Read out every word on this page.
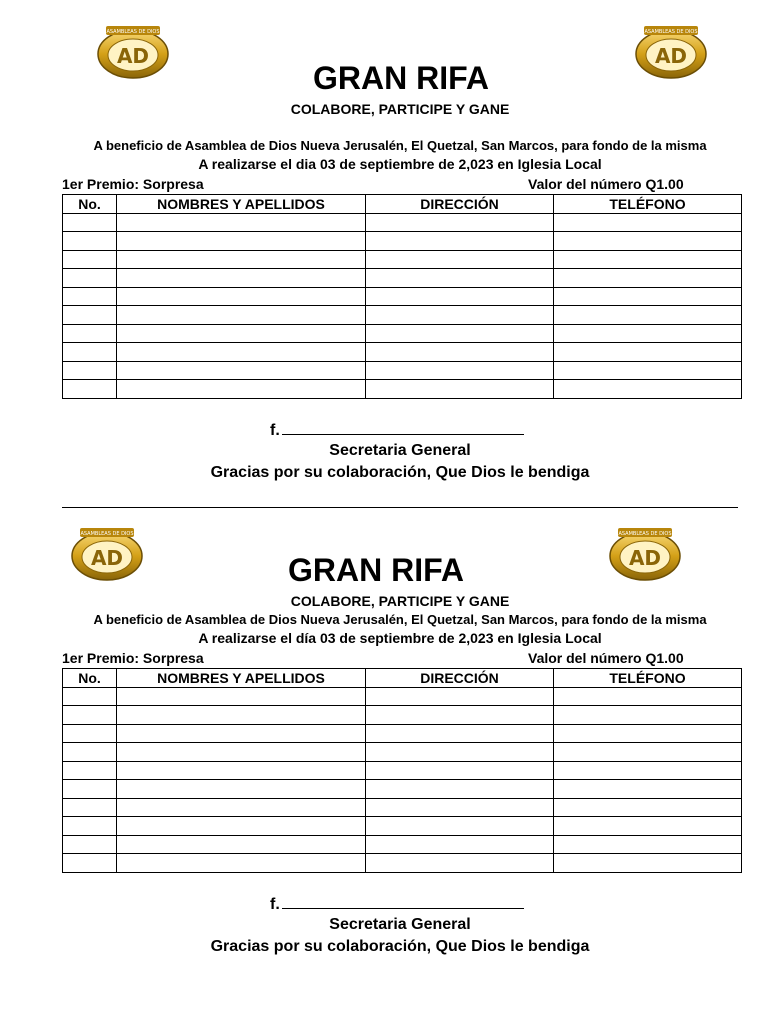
ASAMBLEAS DE DIOS
AD
ASAMBLEAS DE DIOS
AD
GRAN RIFA
COLABORE, PARTICIPE Y GANE
A beneficio de Asamblea de Dios Nueva Jerusalén, El Quetzal, San Marcos, para fondo de la misma
A realizarse el dia 03 de septiembre de 2,023 en Iglesia Local
1er Premio: Sorpresa	Valor del número Q1.00
No.	NOMBRES Y APELLIDOS	DIRECCIÓN	TELÉFONO

f.
Secretaria General
Gracias por su colaboración, Que Dios le bendiga
ASAMBLEAS DE DIOS
AD
ASAMBLEAS DE DIOS
AD
GRAN RIFA
COLABORE, PARTICIPE Y GANE
A beneficio de Asamblea de Dios Nueva Jerusalén, El Quetzal, San Marcos, para fondo de la misma
A realizarse el día 03 de septiembre de 2,023 en Iglesia Local
1er Premio: Sorpresa	Valor del número Q1.00
No.	NOMBRES Y APELLIDOS	DIRECCIÓN	TELÉFONO

f.
Secretaria General
Gracias por su colaboración, Que Dios le bendiga
